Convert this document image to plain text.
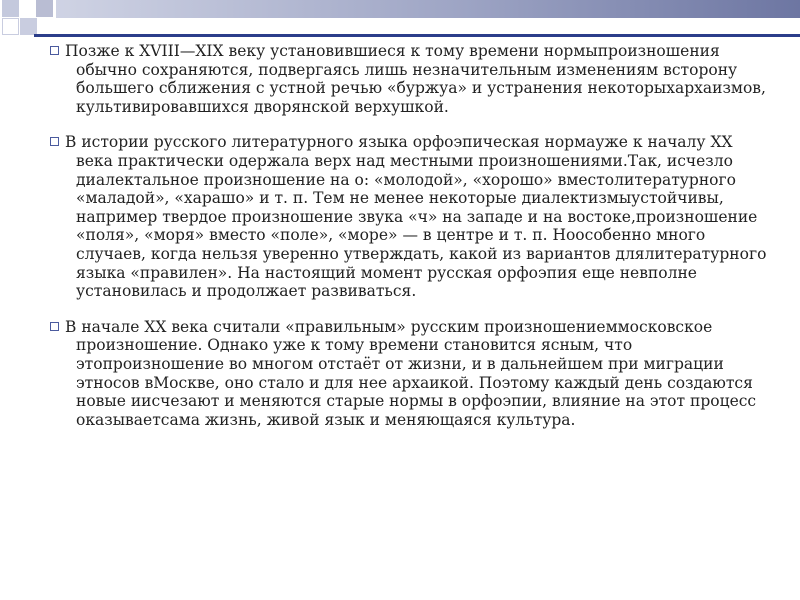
Позже к XVIII—XIX веку установившиеся к тому времени нормыпроизношения обычно сохраняются, подвергаясь лишь незначительным изменениям всторону большего сближения с устной речью «буржуа» и устранения некоторыхархаизмов, культивировавшихся дворянской верхушкой.

В истории русского литературного языка орфоэпическая нормауже к началу XX века практически одержала верх над местными произношениями.Так, исчезло диалектальное произношение на о: «молодой», «хорошо» вместолитературного «маладой», «харашо» и т. п. Тем не менее некоторые диалектизмыустойчивы, например твердое произношение звука «ч» на западе и на востоке,произношение «поля», «моря» вместо «поле», «море» — в центре и т. п. Ноособенно много случаев, когда нельзя уверенно утверждать, какой из вариантов длялитературного языка «правилен». На настоящий момент русская орфоэпия еще невполне установилась и продолжает развиваться.

В начале XX века считали «правильным» русским произношениеммосковское произношение. Однако уже к тому времени становится ясным, что этопроизношение во многом отстаёт от жизни, и в дальнейшем при миграции этносов вМоскве, оно стало и для нее архаикой. Поэтому каждый день создаются новые иисчезают и меняются старые нормы в орфоэпии, влияние на этот процесс оказываетсама жизнь, живой язык и меняющаяся культура.
